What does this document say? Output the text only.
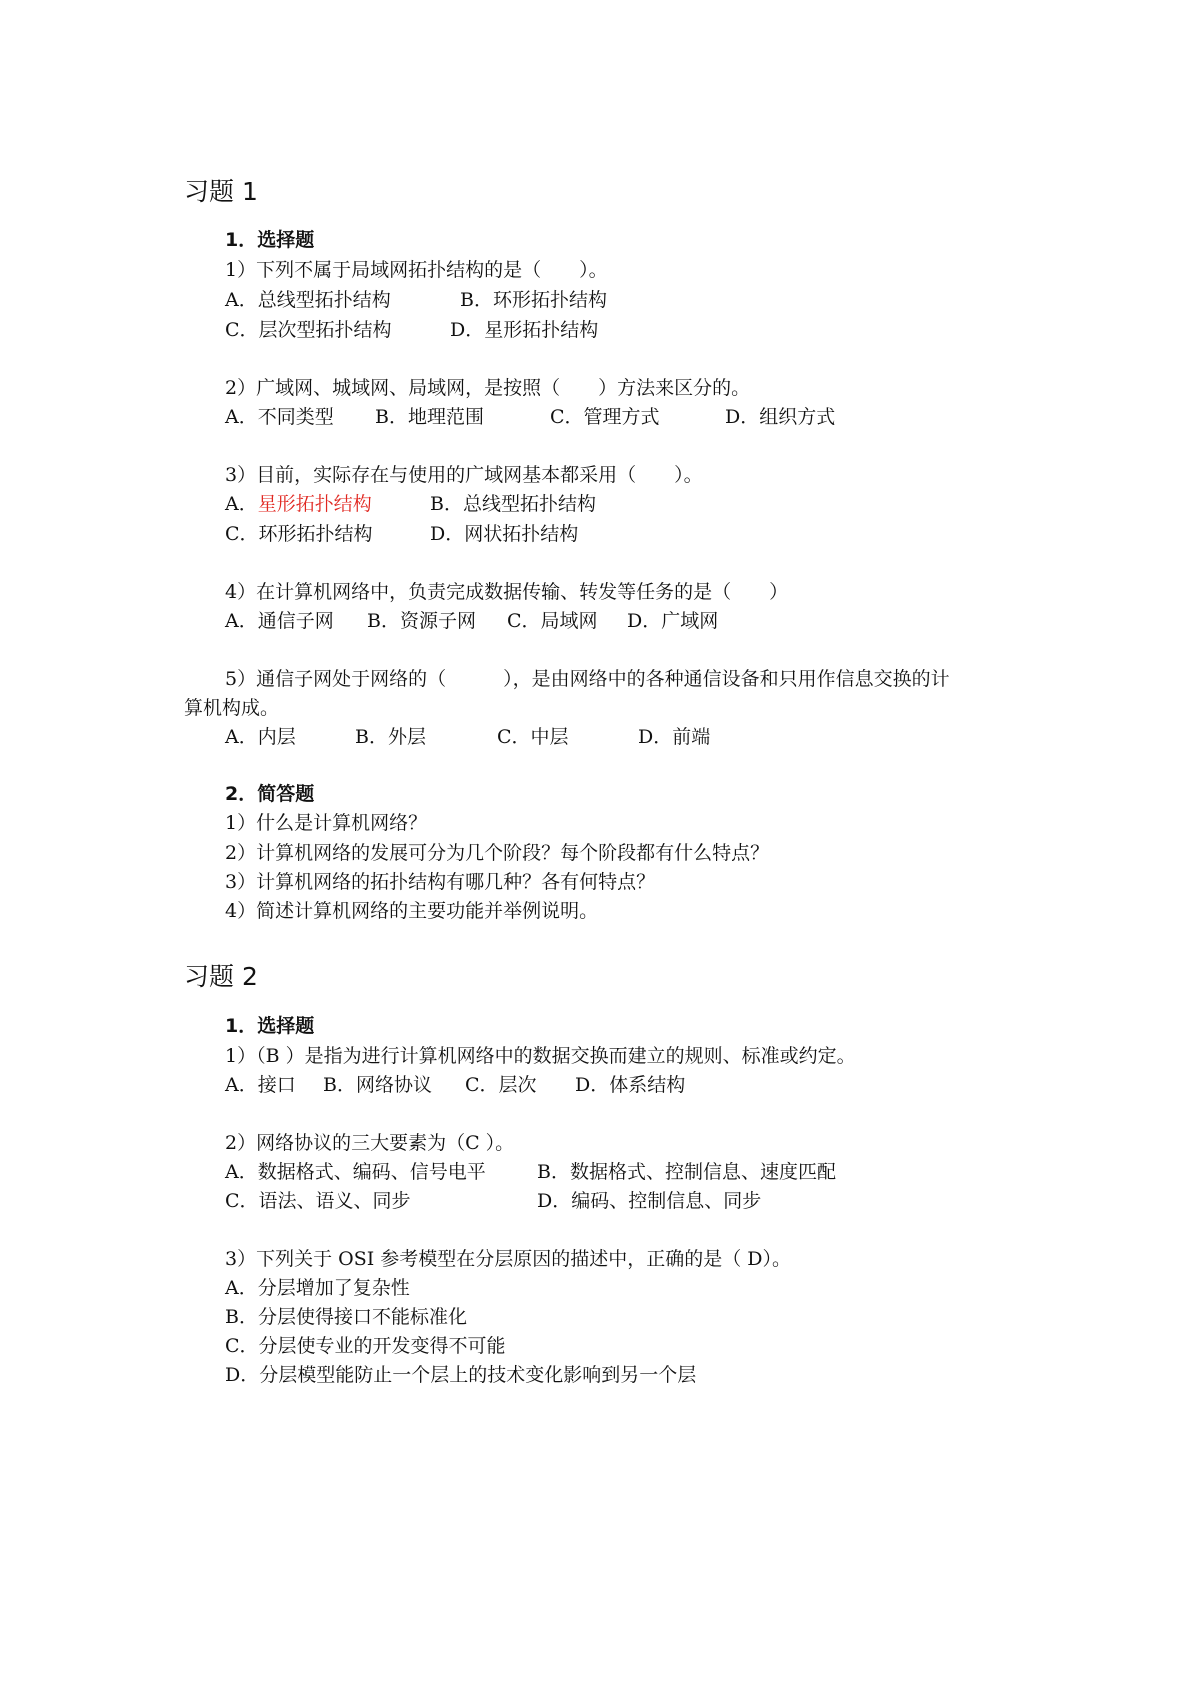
习题 1
1．选择题
1）下列不属于局域网拓扑结构的是（　　）。
A．总线型拓扑结构	B．环形拓扑结构
C．层次型拓扑结构	D．星形拓扑结构
2）广域网、城域网、局域网，是按照（　　）方法来区分的。
A．不同类型 B．地理范围	C．管理方式	D．组织方式
3）目前，实际存在与使用的广域网基本都采用（　　）。
A．星形拓扑结构	B．总线型拓扑结构
C．环形拓扑结构	D．网状拓扑结构
4）在计算机网络中，负责完成数据传输、转发等任务的是（　　）
A．通信子网 B．资源子网 C．局域网 D．广域网
5）通信子网处于网络的（　　　），是由网络中的各种通信设备和只用作信息交换的计
算机构成。
A．内层	B．外层	C．中层	D．前端
2．简答题
1）什么是计算机网络？
2）计算机网络的发展可分为几个阶段？每个阶段都有什么特点？
3）计算机网络的拓扑结构有哪几种？各有何特点？
4）简述计算机网络的主要功能并举例说明。
习题 2
1．选择题
1）（B ）是指为进行计算机网络中的数据交换而建立的规则、标准或约定。
A．接口 B．网络协议 C．层次 D．体系结构
2）网络协议的三大要素为（C ）。
A．数据格式、编码、信号电平	B．数据格式、控制信息、速度匹配
C．语法、语义、同步	D．编码、控制信息、同步
3）下列关于 OSI 参考模型在分层原因的描述中，正确的是（ D）。
A．分层增加了复杂性
B．分层使得接口不能标准化
C．分层使专业的开发变得不可能
D．分层模型能防止一个层上的技术变化影响到另一个层
